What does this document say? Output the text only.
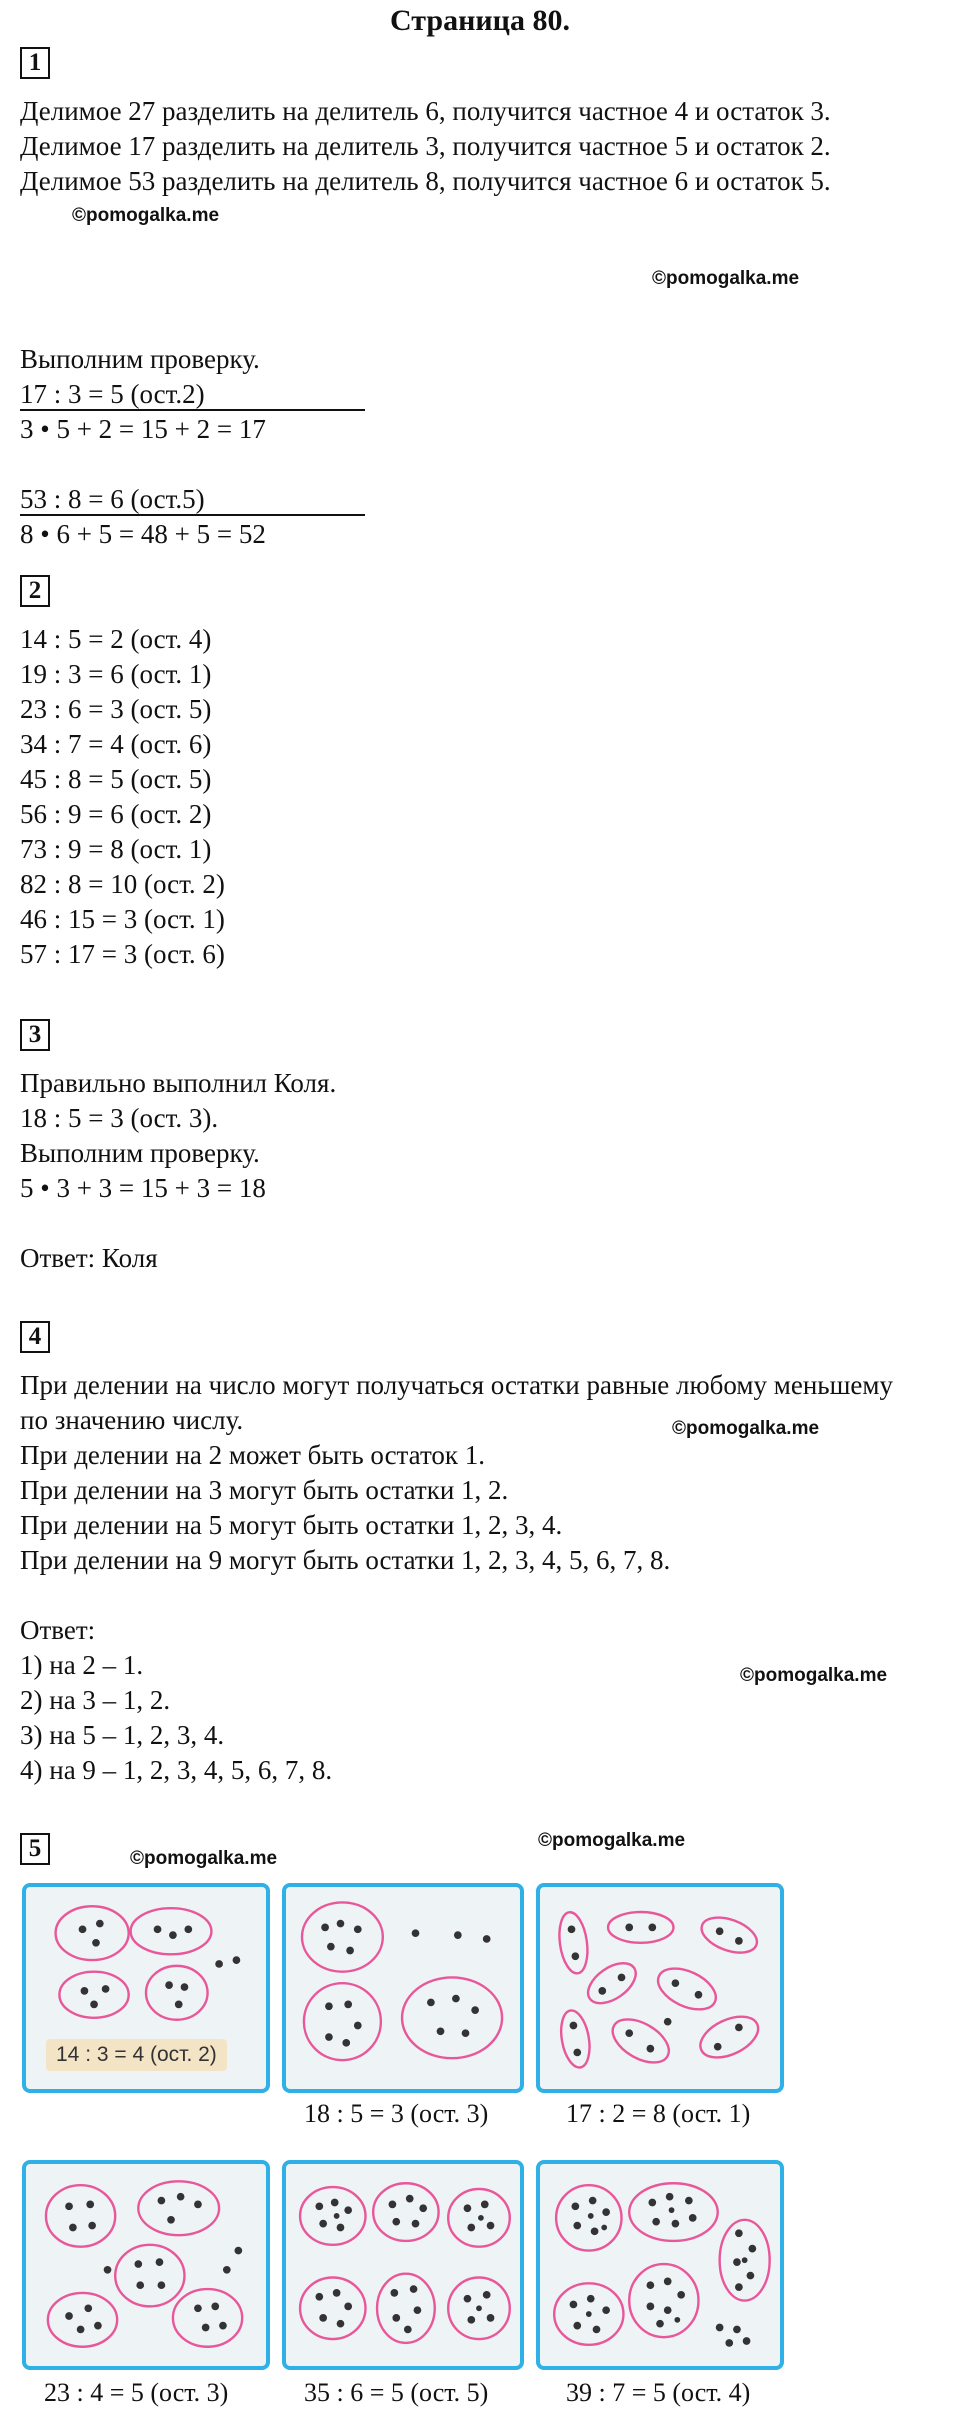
Страница 80.
1
Делимое 27 разделить на делитель 6, получится частное 4 и остаток 3.
Делимое 17 разделить на делитель 3, получится частное 5 и остаток 2.
Делимое 53 разделить на делитель 8, получится частное 6 и остаток 5.
Выполним проверку.
17 : 3 = 5 (ост.2)
3 • 5 + 2 = 15 + 2 = 17
53 : 8 = 6 (ост.5)
8 • 6 + 5 = 48 + 5 = 52
2
14 : 5 = 2 (ост. 4)
19 : 3 = 6 (ост. 1)
23 : 6 = 3 (ост. 5)
34 : 7 = 4 (ост. 6)
45 : 8 = 5 (ост. 5)
56 : 9 = 6 (ост. 2)
73 : 9 = 8 (ост. 1)
82 : 8 = 10 (ост. 2)
46 : 15 = 3 (ост. 1)
57 : 17 = 3 (ост. 6)
3
Правильно выполнил Коля.
18 : 5 = 3 (ост. 3).
Выполним проверку.
5 • 3 + 3 = 15 + 3 = 18
Ответ: Коля
4
При делении на число могут получаться остатки равные любому меньшему по значению числу.
При делении на 2 может быть остаток 1.
При делении на 3 могут быть остатки 1, 2.
При делении на 5 могут быть остатки 1, 2, 3, 4.
При делении на 9 могут быть остатки 1, 2, 3, 4, 5, 6, 7, 8.
Ответ:
1) на 2 – 1.
2) на 3 – 1, 2.
3) на 5 – 1, 2, 3, 4.
4) на 9 – 1, 2, 3, 4, 5, 6, 7, 8.
5
14 : 3 = 4 (ост. 2)
18 : 5 = 3 (ост. 3)	17 : 2 = 8 (ост. 1)
23 : 4 = 5 (ост. 3)	35 : 6 = 5 (ост. 5)	39 : 7 = 5 (ост. 4)
©pomogalka.me
©pomogalka.me
©pomogalka.me
©pomogalka.me
©pomogalka.me
©pomogalka.me
